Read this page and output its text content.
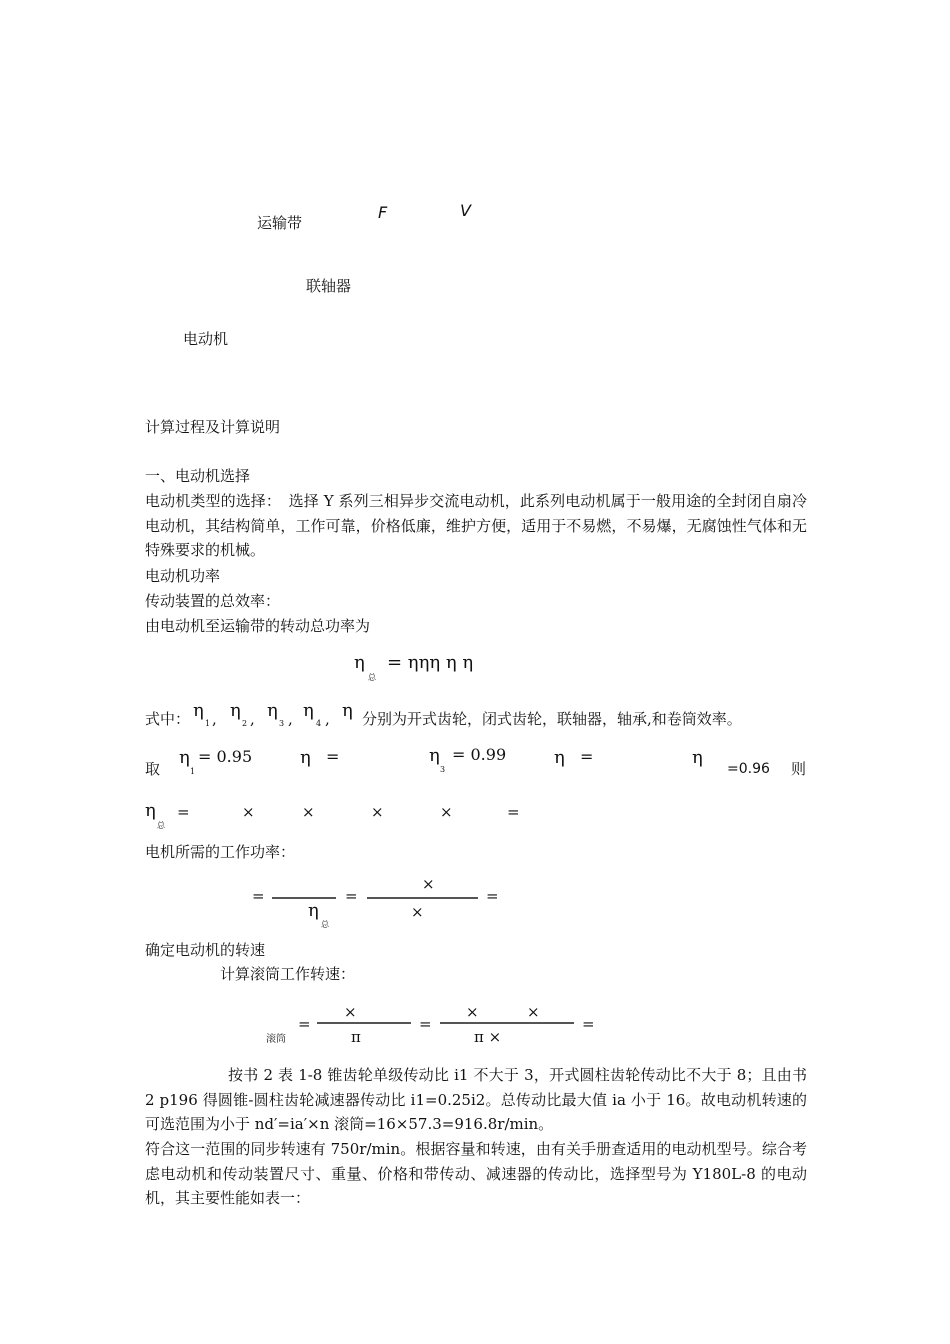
运输带
F	V
联轴器
电动机
计算过程及计算说明
一、电动机选择
电动机类型的选择：　选择 Y 系列三相异步交流电动机，此系列电动机属于一般用途的全封闭自扇冷电动机，其结构简单，工作可靠，价格低廉，维护方便，适用于不易燃，不易爆，无腐蚀性气体和无特殊要求的机械。
电动机功率
传动装置的总效率：
由电动机至运输带的转动总功率为
η
总
= ηηη η η
式中： η
1 , η
2 , η
3 , η
4 , η 分别为开式齿轮，闭式齿轮，联轴器，轴承,和卷筒效率。
取
η
1
= 0.95	η =	η
3
= 0.99	η =	η
=0.96 则
η
总
=	×	×	×	×	=
电机所需的工作功率：
=
η
总
=
×
×
=
确定电动机的转速
计算滚筒工作转速：
滚筒
=
×
π
=
×	×
π ×
=
按书 2 表 1-8 锥齿轮单级传动比 i1 不大于 3，开式圆柱齿轮传动比不大于 8；且由书 2 p196 得圆锥-圆柱齿轮减速器传动比 i1=0.25i2。总传动比最大值 ia 小于 16。故电动机转速的可选范围为小于 nd′=ia′×n 滚筒=16×57.3=916.8r/min。
符合这一范围的同步转速有 750r/min。根据容量和转速，由有关手册查适用的电动机型号。综合考虑电动机和传动装置尺寸、重量、价格和带传动、减速器的传动比，选择型号为 Y180L-8 的电动机，其主要性能如表一：
